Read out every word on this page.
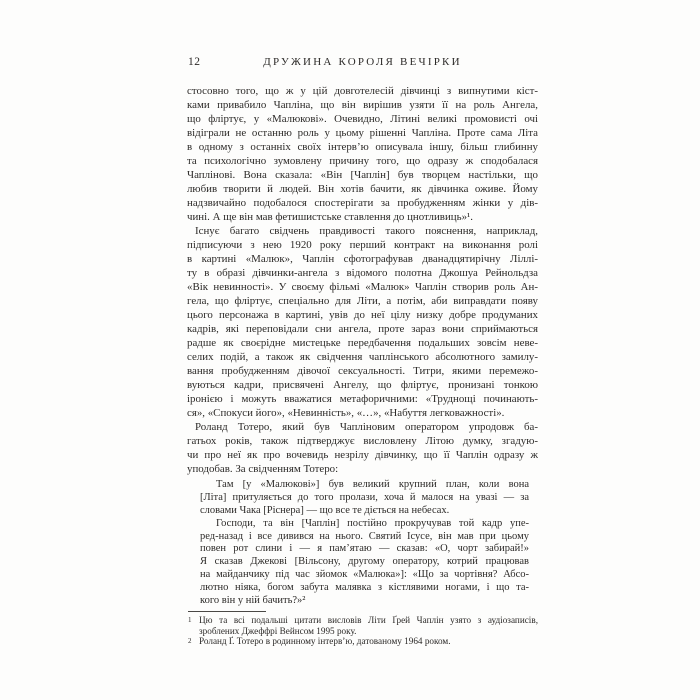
12	ДРУЖИНА КОРОЛЯ ВЕЧІРКИ
стосовно того, що ж у цій довготелесій дівчинці з випнутими кіст-
ками привабило Чапліна, що він вирішив узяти її на роль Ангела,
що фліртує, у «Малюкові». Очевидно, Літині великі промовисті очі
відіграли не останню роль у цьому рішенні Чапліна. Проте сама Літа
в одному з останніх своїх інтерв’ю описувала іншу, більш глибинну
та психологічно зумовлену причину того, що одразу ж сподобалася
Чаплінові. Вона сказала: «Він [Чаплін] був творцем настільки, що
любив творити й людей. Він хотів бачити, як дівчинка оживе. Йому
надзвичайно подобалося спостерігати за пробудженням жінки у дів-
чині. А ще він мав фетишистське ставлення до цнотливиць»¹.
Існує багато свідчень правдивості такого пояснення, наприклад,
підписуючи з нею 1920 року перший контракт на виконання ролі
в картині «Малюк», Чаплін сфотографував дванадцятирічну Ліллі-
ту в образі дівчинки-ангела з відомого полотна Джошуа Рейнольдза
«Вік невинності». У своєму фільмі «Малюк» Чаплін створив роль Ан-
гела, що фліртує, спеціально для Літи, а потім, аби виправдати появу
цього персонажа в картині, увів до неї цілу низку добре продуманих
кадрів, які переповідали сни ангела, проте зараз вони сприймаються
радше як своєрідне мистецьке передбачення подальших зовсім неве-
селих подій, а також як свідчення чаплінського абсолютного замилу-
вання пробудженням дівочої сексуальності. Титри, якими перемежо-
вуються кадри, присвячені Ангелу, що фліртує, пронизані тонкою
іронією і можуть вважатися метафоричними: «Труднощі починають-
ся», «Спокуси його», «Невинність», «…», «Набуття легковажності».
Роланд Тотеро, який був Чапліновим оператором упродовж ба-
гатьох років, також підтверджує висловлену Літою думку, згадую-
чи про неї як про вочевидь незрілу дівчинку, що її Чаплін одразу ж
уподобав. За свідченням Тотеро:
Там [у «Малюкові»] був великий крупний план, коли вона
[Літа] притуляється до того пролази, хоча й малося на увазі — за
словами Чака [Ріснера] — що все те діється на небесах.
Господи, та він [Чаплін] постійно прокручував той кадр упе-
ред-назад і все дивився на нього. Святий Ісусе, він мав при цьому
повен рот слини і — я пам’ятаю — сказав: «О, чорт забирай!»
Я сказав Джекові [Вільсону, другому оператору, котрий працював
на майданчику під час зйомок «Малюка»]: «Що за чортівня? Абсо-
лютно ніяка, богом забута малявка з кістлявими ногами, і що та-
кого він у ній бачить?»²
1 Цю та всі подальші цитати висловів Літи Ґрей Чаплін узято з аудіозаписів,
зроблених Джеффрі Вейнсом 1995 року.
2 Роланд Ґ. Тотеро в родинному інтерв’ю, датованому 1964 роком.
